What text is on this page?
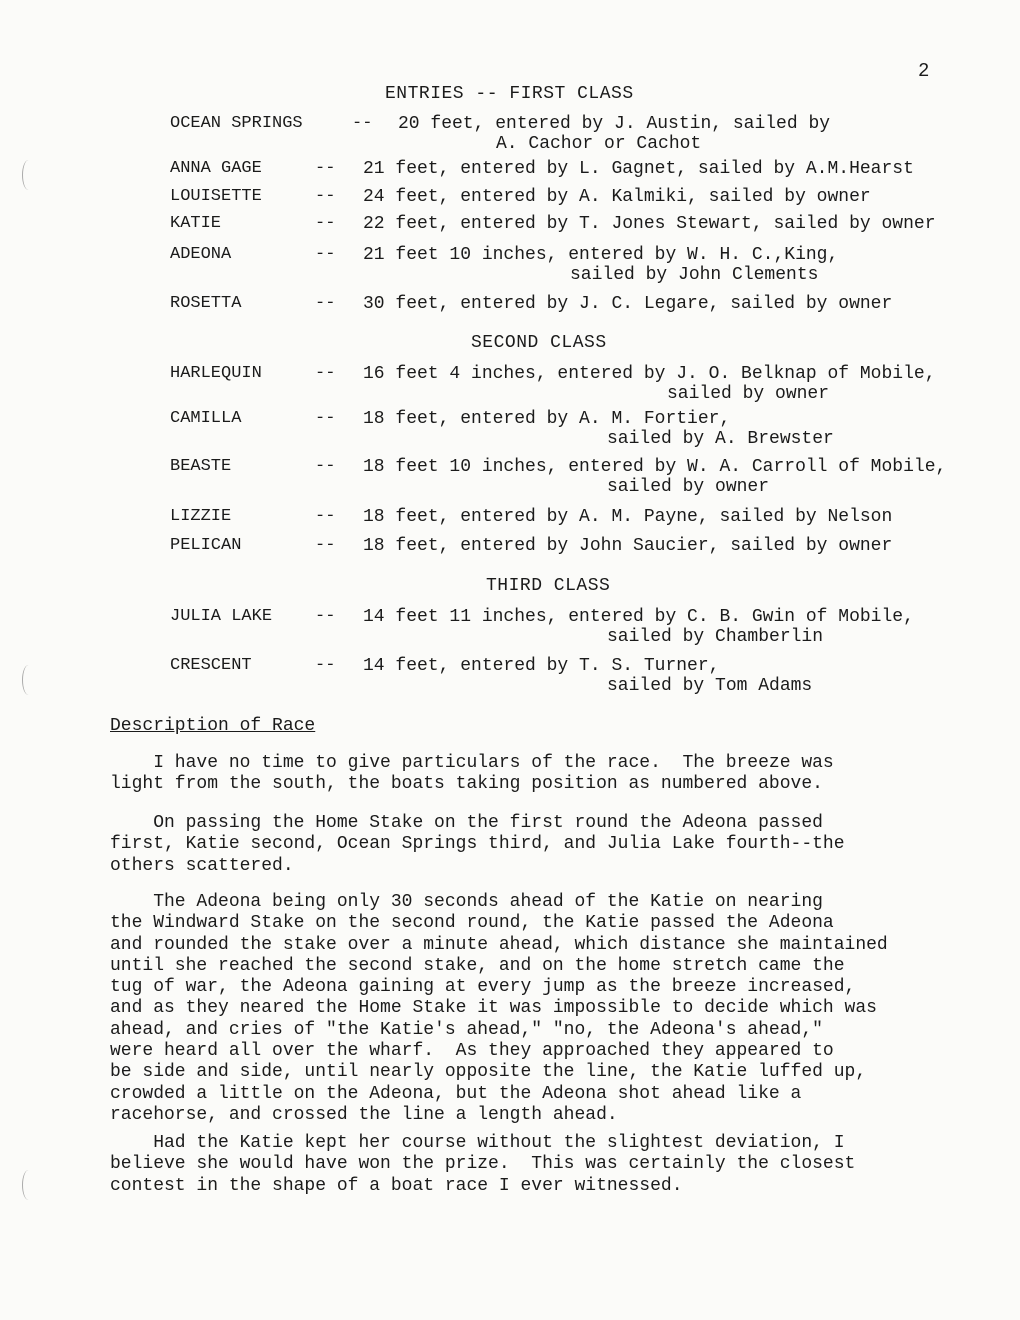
2
ENTRIES -- FIRST CLASS
OCEAN SPRINGS	-- 20 feet, entered by J. Austin, sailed by
A. Cachor or Cachot
ANNA GAGE	-- 21 feet, entered by L. Gagnet, sailed by A.M.Hearst
LOUISETTE	-- 24 feet, entered by A. Kalmiki, sailed by owner
KATIE	-- 22 feet, entered by T. Jones Stewart, sailed by owner
ADEONA	-- 21 feet 10 inches, entered by W. H. C.,King,
sailed by John Clements
ROSETTA	-- 30 feet, entered by J. C. Legare, sailed by owner
SECOND CLASS
HARLEQUIN	-- 16 feet 4 inches, entered by J. O. Belknap of Mobile,
sailed by owner
CAMILLA	-- 18 feet, entered by A. M. Fortier,
sailed by A. Brewster
BEASTE	-- 18 feet 10 inches, entered by W. A. Carroll of Mobile,
sailed by owner
LIZZIE	-- 18 feet, entered by A. M. Payne, sailed by Nelson
PELICAN	-- 18 feet, entered by John Saucier, sailed by owner
THIRD CLASS
JULIA LAKE	-- 14 feet 11 inches, entered by C. B. Gwin of Mobile,
sailed by Chamberlin
CRESCENT	-- 14 feet, entered by T. S. Turner,
sailed by Tom Adams
Description of Race
I have no time to give particulars of the race.  The breeze was
light from the south, the boats taking position as numbered above.
On passing the Home Stake on the first round the Adeona passed
first, Katie second, Ocean Springs third, and Julia Lake fourth--the
others scattered.
The Adeona being only 30 seconds ahead of the Katie on nearing
the Windward Stake on the second round, the Katie passed the Adeona
and rounded the stake over a minute ahead, which distance she maintained
until she reached the second stake, and on the home stretch came the
tug of war, the Adeona gaining at every jump as the breeze increased,
and as they neared the Home Stake it was impossible to decide which was
ahead, and cries of "the Katie's ahead," "no, the Adeona's ahead,"
were heard all over the wharf.  As they approached they appeared to
be side and side, until nearly opposite the line, the Katie luffed up,
crowded a little on the Adeona, but the Adeona shot ahead like a
racehorse, and crossed the line a length ahead.
Had the Katie kept her course without the slightest deviation, I
believe she would have won the prize.  This was certainly the closest
contest in the shape of a boat race I ever witnessed.
